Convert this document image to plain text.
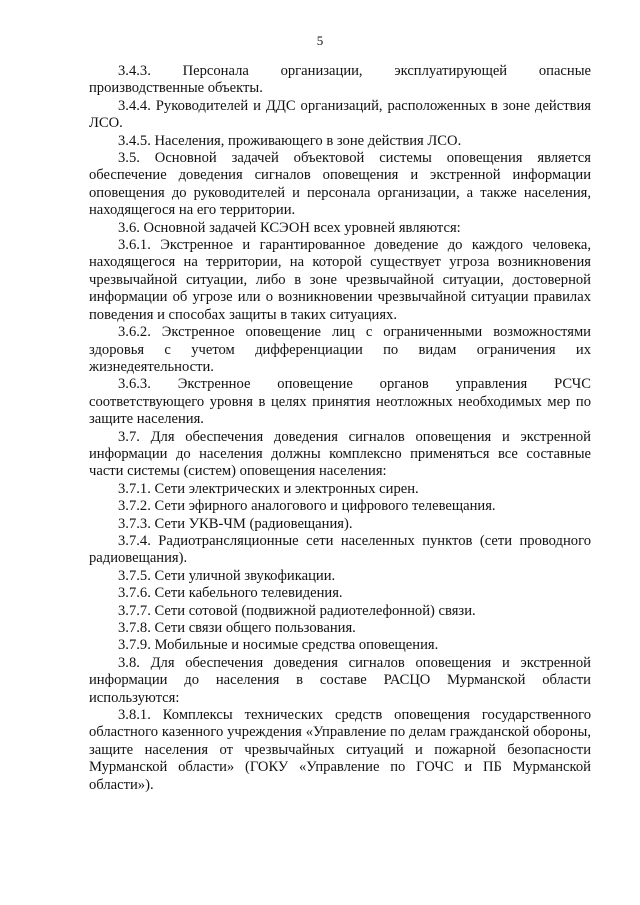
5

3.4.3. Персонала организации, эксплуатирующей опасные производственные объекты.

3.4.4. Руководителей и ДДС организаций, расположенных в зоне действия ЛСО.

3.4.5. Населения, проживающего в зоне действия ЛСО.

3.5. Основной задачей объектовой системы оповещения является обеспечение доведения сигналов оповещения и экстренной информации оповещения до руководителей и персонала организации, а также населения, находящегося на его территории.

3.6. Основной задачей КСЭОН всех уровней являются:

3.6.1. Экстренное и гарантированное доведение до каждого человека, находящегося на территории, на которой существует угроза возникновения чрезвычайной ситуации, либо в зоне чрезвычайной ситуации, достоверной информации об угрозе или о возникновении чрезвычайной ситуации правилах поведения и способах защиты в таких ситуациях.

3.6.2. Экстренное оповещение лиц с ограниченными возможностями здоровья с учетом дифференциации по видам ограничения их жизнедеятельности.

3.6.3. Экстренное оповещение органов управления РСЧС соответствующего уровня в целях принятия неотложных необходимых мер по защите населения.

3.7. Для обеспечения доведения сигналов оповещения и экстренной информации до населения должны комплексно применяться все составные части системы (систем) оповещения населения:

3.7.1. Сети электрических и электронных сирен.

3.7.2. Сети эфирного аналогового и цифрового телевещания.

3.7.3. Сети УКВ-ЧМ (радиовещания).

3.7.4. Радиотрансляционные сети населенных пунктов (сети проводного радиовещания).

3.7.5. Сети уличной звукофикации.

3.7.6. Сети кабельного телевидения.

3.7.7. Сети сотовой (подвижной радиотелефонной) связи.

3.7.8. Сети связи общего пользования.

3.7.9. Мобильные и носимые средства оповещения.

3.8. Для обеспечения доведения сигналов оповещения и экстренной информации до населения в составе РАСЦО Мурманской области используются:

3.8.1. Комплексы технических средств оповещения государственного областного казенного учреждения «Управление по делам гражданской обороны, защите населения от чрезвычайных ситуаций и пожарной безопасности Мурманской области» (ГОКУ «Управление по ГОЧС и ПБ Мурманской области»).
